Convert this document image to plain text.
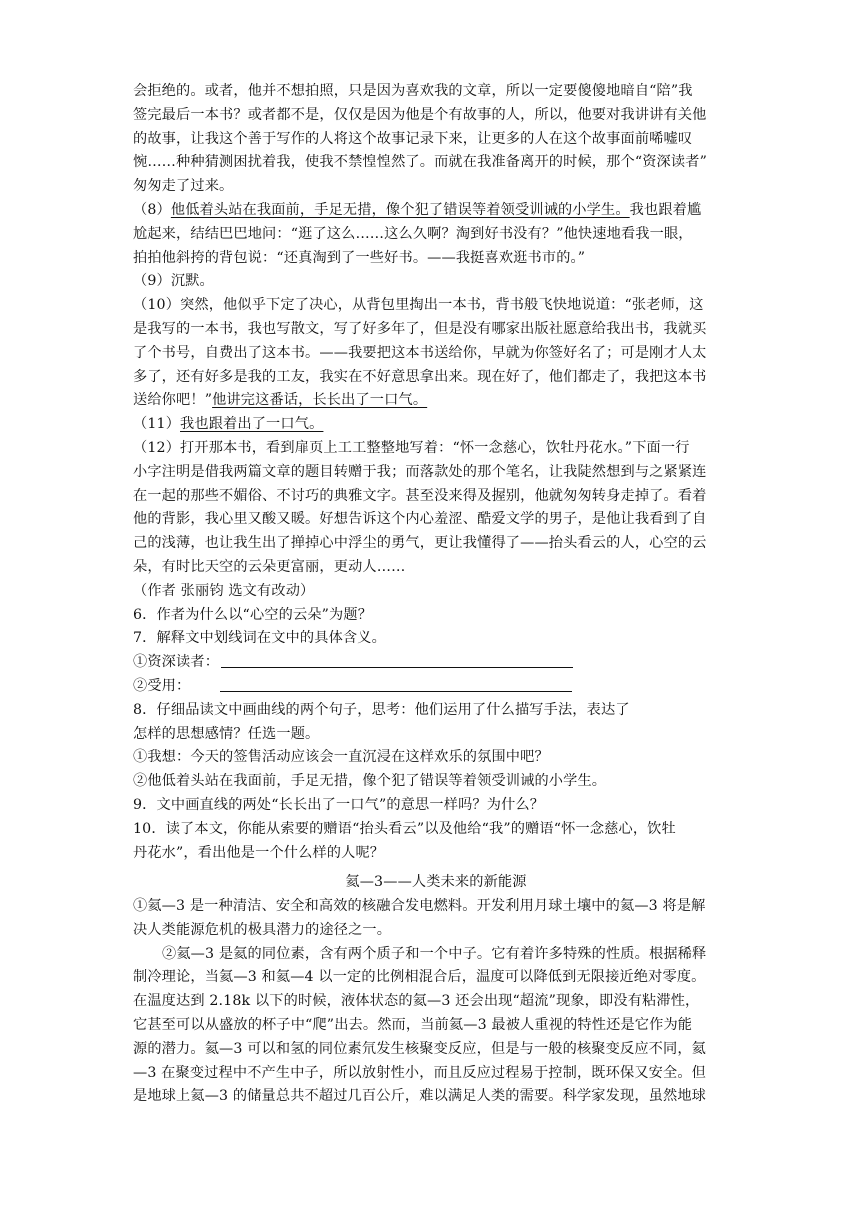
会拒绝的。或者，他并不想拍照，只是因为喜欢我的文章，所以一定要傻傻地暗自“陪”我
签完最后一本书？或者都不是，仅仅是因为他是个有故事的人，所以，他要对我讲讲有关他
的故事，让我这个善于写作的人将这个故事记录下来，让更多的人在这个故事面前唏嘘叹
惋……种种猜测困扰着我，使我不禁惶惶然了。而就在我准备离开的时候，那个“资深读者”
匆匆走了过来。
（8）他低着头站在我面前，手足无措，像个犯了错误等着领受训诫的小学生。我也跟着尴
尬起来，结结巴巴地问：“逛了这么……这么久啊？淘到好书没有？”他快速地看我一眼，
拍拍他斜挎的背包说：“还真淘到了一些好书。——我挺喜欢逛书市的。”
（9）沉默。
（10）突然，他似乎下定了决心，从背包里掏出一本书，背书般飞快地说道：“张老师，这
是我写的一本书，我也写散文，写了好多年了，但是没有哪家出版社愿意给我出书，我就买
了个书号，自费出了这本书。——我要把这本书送给你，早就为你签好名了；可是刚才人太
多了，还有好多是我的工友，我实在不好意思拿出来。现在好了，他们都走了，我把这本书
送给你吧！”他讲完这番话，长长出了一口气。
（11）我也跟着出了一口气。
（12）打开那本书，看到扉页上工工整整地写着：“怀一念慈心，饮牡丹花水。”下面一行
小字注明是借我两篇文章的题目转赠于我；而落款处的那个笔名，让我陡然想到与之紧紧连
在一起的那些不媚俗、不讨巧的典雅文字。甚至没来得及握别，他就匆匆转身走掉了。看着
他的背影，我心里又酸又暖。好想告诉这个内心羞涩、酷爱文学的男子，是他让我看到了自
己的浅薄，也让我生出了掸掉心中浮尘的勇气，更让我懂得了——抬头看云的人，心空的云
朵，有时比天空的云朵更富丽，更动人……
（作者 张丽钧 选文有改动）
6．作者为什么以“心空的云朵”为题？
7．解释文中划线词在文中的具体含义。
①资深读者：
②受用：
8．仔细品读文中画曲线的两个句子，思考：他们运用了什么描写手法，表达了
怎样的思想感情？任选一题。
①我想：今天的签售活动应该会一直沉浸在这样欢乐的氛围中吧？
②他低着头站在我面前，手足无措，像个犯了错误等着领受训诫的小学生。
9．文中画直线的两处“长长出了一口气”的意思一样吗？为什么？
10．读了本文，你能从索要的赠语“抬头看云”以及他给“我”的赠语“怀一念慈心，饮牡
丹花水”，看出他是一个什么样的人呢？
氦—3——人类未来的新能源
①氦—3 是一种清洁、安全和高效的核融合发电燃料。开发利用月球土壤中的氦—3 将是解
决人类能源危机的极具潜力的途径之一。
②氦—3 是氦的同位素，含有两个质子和一个中子。它有着许多特殊的性质。根据稀释
制冷理论，当氦—3 和氦—4 以一定的比例相混合后，温度可以降低到无限接近绝对零度。
在温度达到 2.18k 以下的时候，液体状态的氦—3 还会出现“超流”现象，即没有粘滞性，
它甚至可以从盛放的杯子中“爬”出去。然而，当前氦—3 最被人重视的特性还是它作为能
源的潜力。氦—3 可以和氢的同位素氘发生核聚变反应，但是与一般的核聚变反应不同，氦
—3 在聚变过程中不产生中子，所以放射性小，而且反应过程易于控制，既环保又安全。但
是地球上氦—3 的储量总共不超过几百公斤，难以满足人类的需要。科学家发现，虽然地球
